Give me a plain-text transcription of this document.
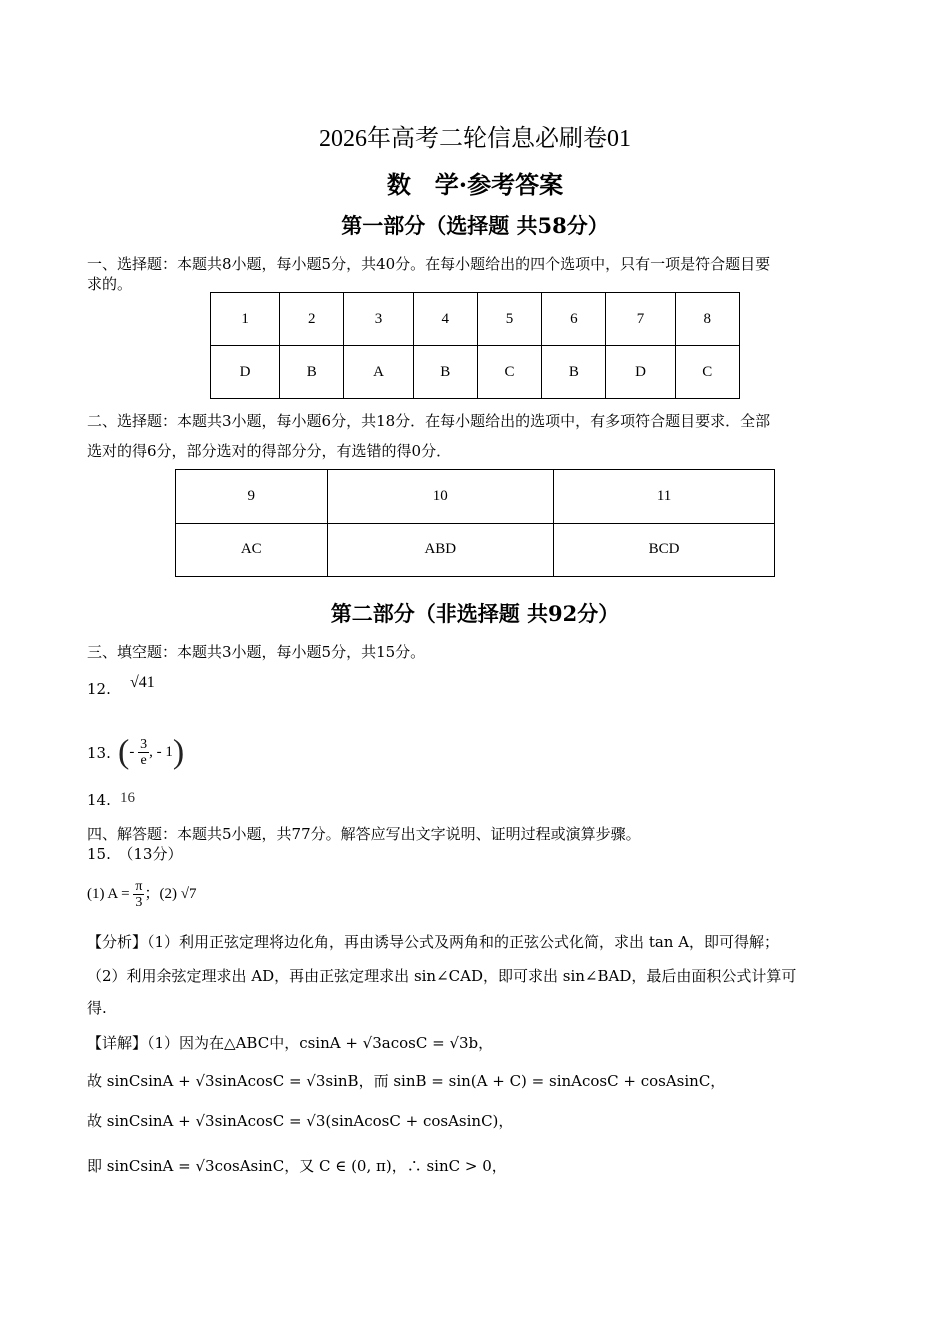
2026年高考二轮信息必刷卷01
数　学·参考答案
第一部分（选择题 共58分）
一、选择题：本题共8小题，每小题5分，共40分。在每小题给出的四个选项中，只有一项是符合题目要
求的。
1	2	3	4	5	6	7	8
D	B	A	B	C	B	D	C
二、选择题：本题共3小题，每小题6分，共18分．在每小题给出的选项中，有多项符合题目要求．全部
选对的得6分，部分选对的得部分分，有选错的得0分．
9	10	11
AC	ABD	BCD
第二部分（非选择题 共92分）
三、填空题：本题共3小题，每小题5分，共15分。
12. √41
13. (- $\frac{3}{e}$ , - 1)
14. 16
四、解答题：本题共5小题，共77分。解答应写出文字说明、证明过程或演算步骤。
15.　（13分）
(1) $A = \frac{\pi}{3}$ ；(2) √7
【分析】（1）利用正弦定理将边化角，再由诱导公式及两角和的正弦公式化简，求出 tan A，即可得解；
（2）利用余弦定理求出 AD，再由正弦定理求出 sin∠CAD，即可求出 sin∠BAD，最后由面积公式计算可
得.
【详解】（1）因为在△ABC中，csinA + √3acosC = √3b，
故 sinCsinA + √3sinAcosC = √3sinB，而 sinB = sin(A + C) = sinAcosC + cosAsinC，
故 sinCsinA + √3sinAcosC = √3(sinAcosC + cosAsinC)，
即 sinCsinA = √3cosAsinC，又 C ∈ (0, π)，∴ sinC > 0，
